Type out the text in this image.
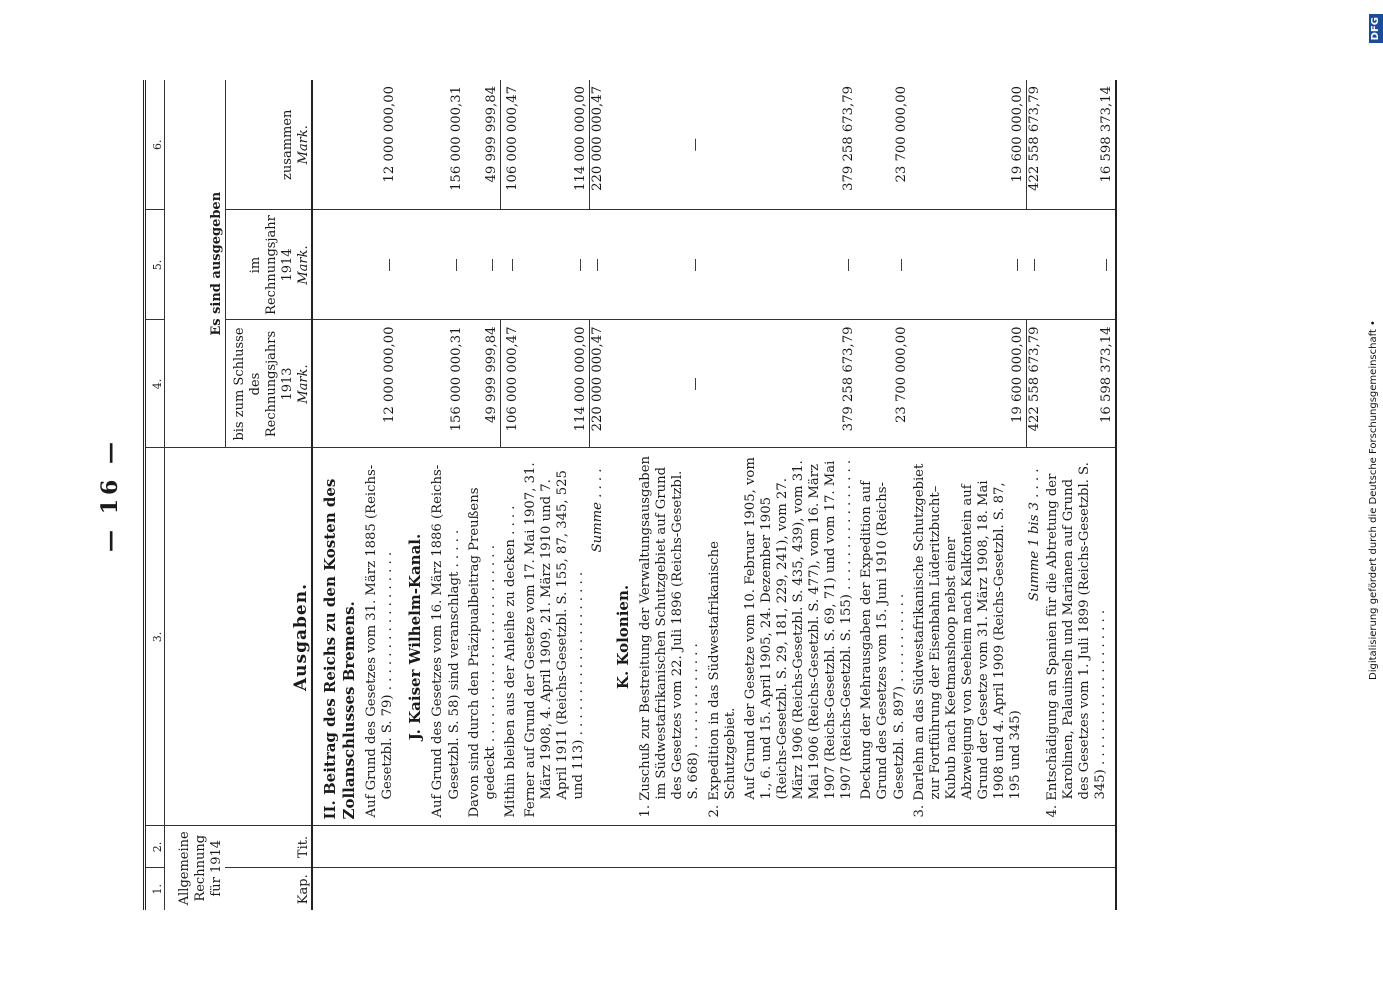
— 16 —
1.	2.	3.	4.	5.	6.
Allgemeine Rechnung für 1914		Ausgaben.	Es sind ausgegeben		
Kap.	Tit.		bis zum Schlusse des Rechnungsjahrs 1913	im Rechnungsjahr 1914	zusammen
			Mark.	Mark.	Mark.
		II. Beitrag des Reichs zu den Kosten des Zollanschlusses Bremens.			
		Auf Grund des Gesetzes vom 31. März 1885 (Reichs-Gesetzbl. S. 79) . . . . . . . . . . . . . . . . .	12 000 000,00	—	12 000 000,00
		J. Kaiser Wilhelm-Kanal.			
		Auf Grund des Gesetzes vom 16. März 1886 (Reichs-Gesetzbl. S. 58) sind veranschlagt . . . . .	156 000 000,31	—	156 000 000,31
		Davon sind durch den Präzipualbeitrag Preußens gedeckt . . . . . . . . . . . . . . . . . . . . . . . .	49 999 999,84	—	49 999 999,84
		Mithin bleiben aus der Anleihe zu decken . . . .	106 000 000,47	—	106 000 000,47
		Ferner auf Grund der Gesetze vom 17. Mai 1907, 31. März 1908, 4. April 1909, 21. März 1910 und 7. April 1911 (Reichs-Gesetzbl. S. 155, 87, 345, 525 und 113) . . . . . . . . . . . . . . . . . . . .	114 000 000,00	—	114 000 000,00
		Summe . . . .	220 000 000,47	—	220 000 000,47
		K. Kolonien.			
		1. Zuschuß zur Bestreitung der Verwaltungsausgaben im Südwestafrikanischen Schutzgebiet auf Grund des Gesetzes vom 22. Juli 1896 (Reichs-Gesetzbl. S. 668) . . . . . . . . . . . . .	—	—	—
		2. Expedition in das Südwestafrikanische Schutzgebiet.			
		Auf Grund der Gesetze vom 10. Februar 1905, vom 1., 6. und 15. April 1905, 24. Dezember 1905 (Reichs-Gesetzbl. S. 29, 181, 229, 241), vom 27. März 1906 (Reichs-Gesetzbl. S. 435, 439), vom 31. Mai 1906 (Reichs-Gesetzbl. S. 477), vom 16. März 1907 (Reichs-Gesetzbl. S. 69, 71) und vom 17. Mai 1907 (Reichs-Gesetzbl. S. 155) . . . . . . . . . . . . . . . .	379 258 673,79	—	379 258 673,79
		Deckung der Mehrausgaben der Expedition auf Grund des Gesetzes vom 15. Juni 1910 (Reichs-Gesetzbl. S. 897) . . . . . . . . . . .	23 700 000,00	—	23 700 000,00
		3. Darlehn an das Südwestafrikanische Schutzgebiet zur Fortführung der Eisenbahn Lüderitzbucht–Kubub nach Keetmanshoop nebst einer Abzweigung von Seeheim nach Kalkfontein auf Grund der Gesetze vom 31. März 1908, 18. Mai 1908 und 4. April 1909 (Reichs-Gesetzbl. S. 87, 195 und 345)	19 600 000,00	—	19 600 000,00
		Summe 1 bis 3 . . . .	422 558 673,79	—	422 558 673,79
		4. Entschädigung an Spanien für die Abtretung der Karolinen, Palauinseln und Marianen auf Grund des Gesetzes vom 1. Juli 1899 (Reichs-Gesetzbl. S. 345) . . . . . . . . . . . . . . . . . . .	16 598 373,14	—	16 598 373,14
Digitalisierung gefördert durch die Deutsche Forschungsgemeinschaft •
DFG
